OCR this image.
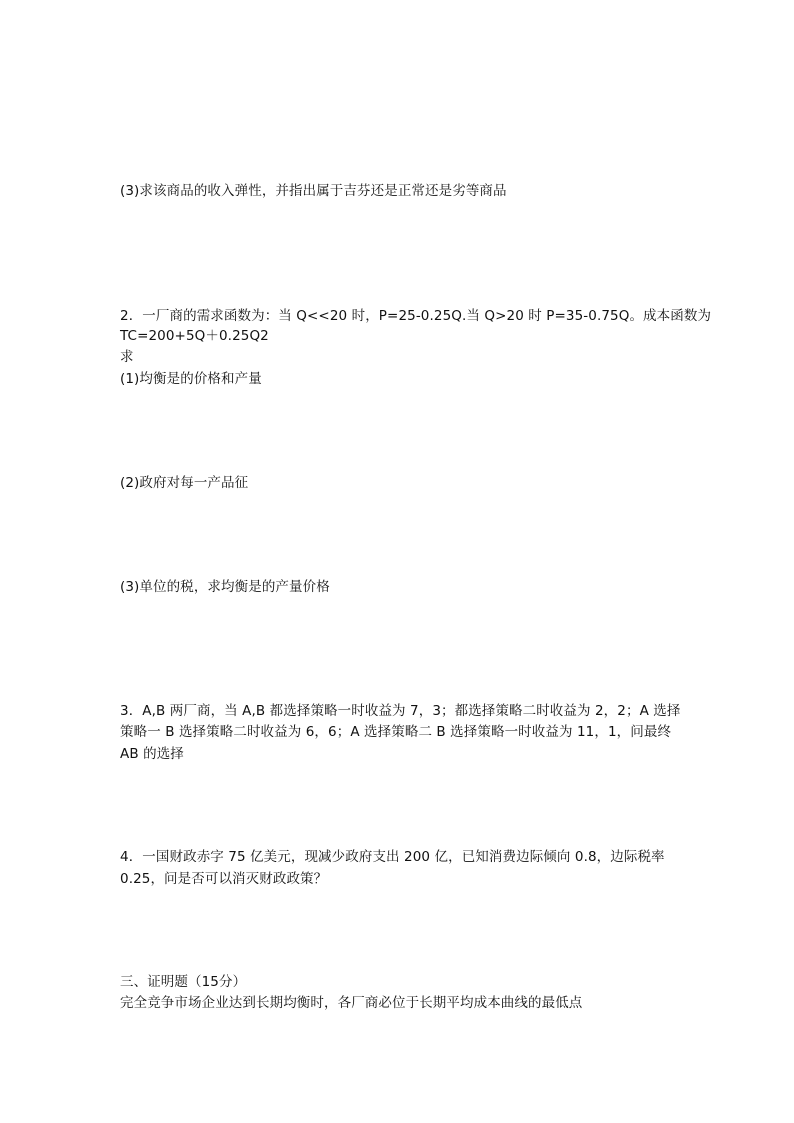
(3)求该商品的收入弹性，并指出属于吉芬还是正常还是劣等商品
2．一厂商的需求函数为：当 Q<<20 时，P=25-0.25Q.当 Q>20 时 P=35-0.75Q。成本函数为
TC=200+5Q＋0.25Q2
求
(1)均衡是的价格和产量
(2)政府对每一产品征
(3)单位的税，求均衡是的产量价格
3．A,B 两厂商，当 A,B 都选择策略一时收益为 7，3；都选择策略二时收益为 2，2；A 选择
策略一 B 选择策略二时收益为 6，6；A 选择策略二 B 选择策略一时收益为 11，1，问最终
AB 的选择
4．一国财政赤字 75 亿美元，现减少政府支出 200 亿，已知消费边际倾向 0.8，边际税率
0.25，问是否可以消灭财政政策？
三、证明题（15分）
完全竞争市场企业达到长期均衡时，各厂商必位于长期平均成本曲线的最低点
